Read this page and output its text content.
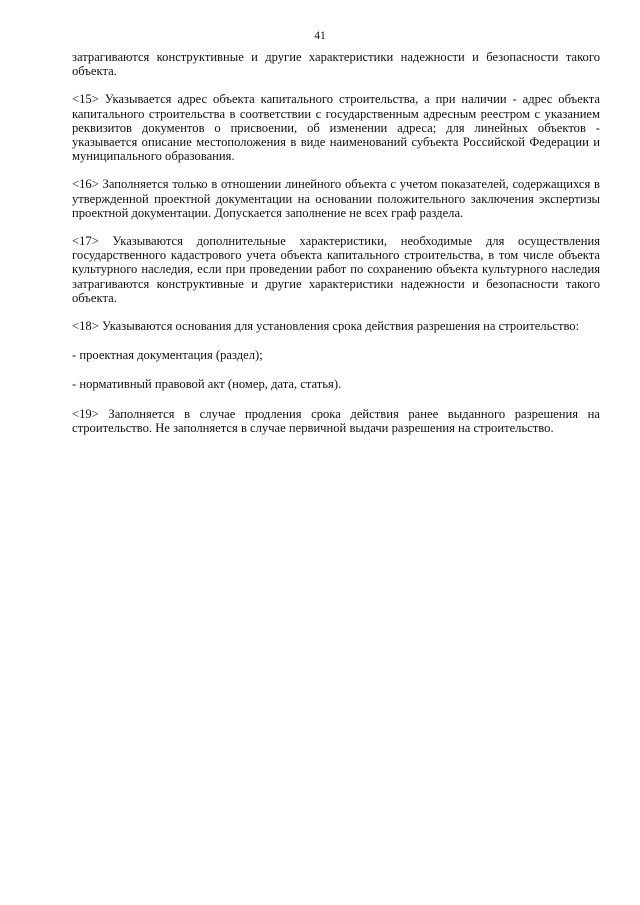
41

затрагиваются конструктивные и другие характеристики надежности и безопасности такого объекта.

<15> Указывается адрес объекта капитального строительства, а при наличии - адрес объекта капитального строительства в соответствии с государственным адресным реестром с указанием реквизитов документов о присвоении, об изменении адреса; для линейных объектов - указывается описание местоположения в виде наименований субъекта Российской Федерации и муниципального образования.

<16> Заполняется только в отношении линейного объекта с учетом показателей, содержащихся в утвержденной проектной документации на основании положительного заключения экспертизы проектной документации. Допускается заполнение не всех граф раздела.

<17> Указываются дополнительные характеристики, необходимые для осуществления государственного кадастрового учета объекта капитального строительства, в том числе объекта культурного наследия, если при проведении работ по сохранению объекта культурного наследия затрагиваются конструктивные и другие характеристики надежности и безопасности такого объекта.

<18> Указываются основания для установления срока действия разрешения на строительство:

- проектная документация (раздел);

- нормативный правовой акт (номер, дата, статья).

<19> Заполняется в случае продления срока действия ранее выданного разрешения на строительство. Не заполняется в случае первичной выдачи разрешения на строительство.
